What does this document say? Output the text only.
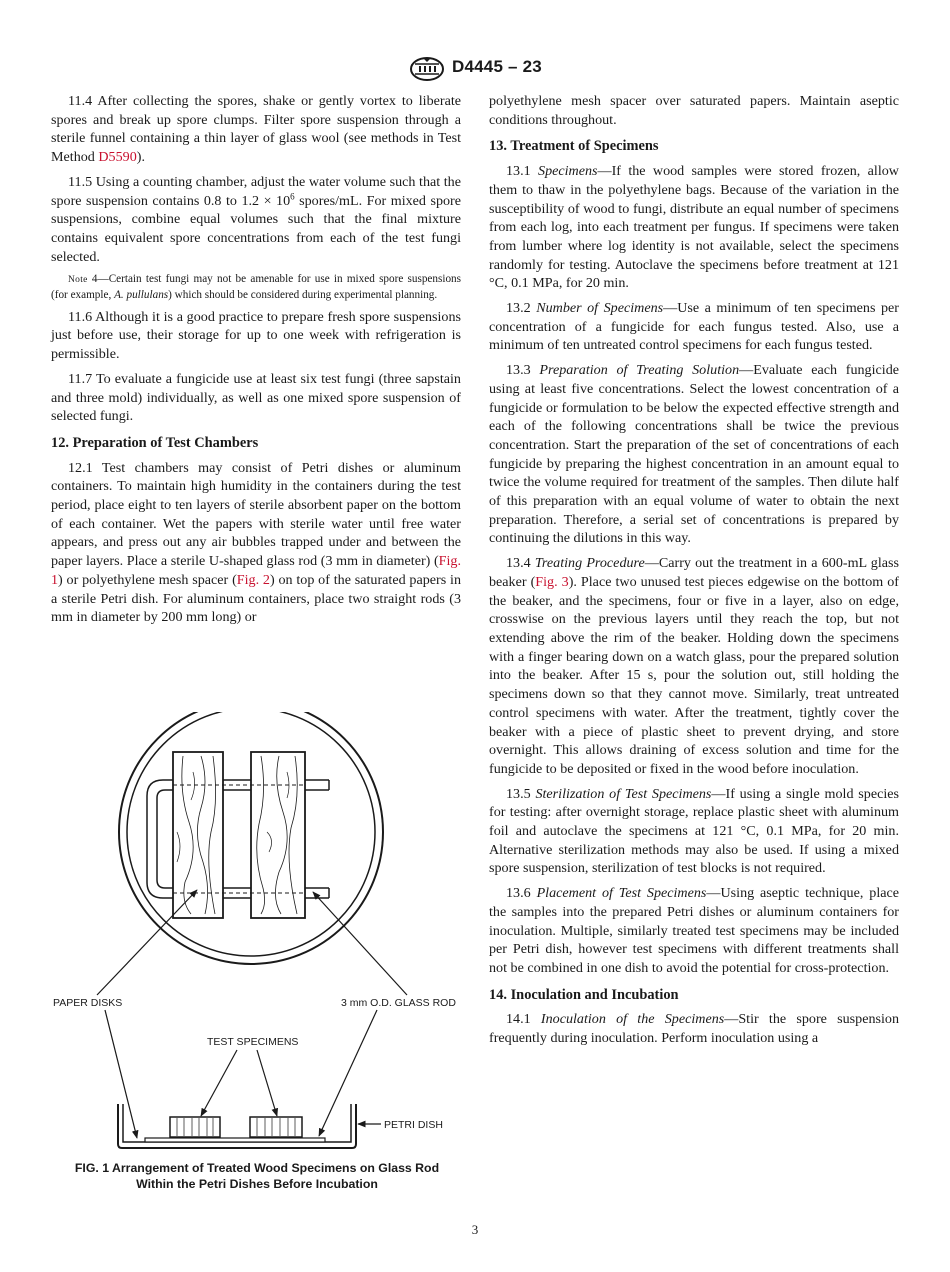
D4445 – 23

11.4 After collecting the spores, shake or gently vortex to liberate spores and break up spore clumps. Filter spore suspension through a sterile funnel containing a thin layer of glass wool (see methods in Test Method D5590).

11.5 Using a counting chamber, adjust the water volume such that the spore suspension contains 0.8 to $1.2 \times 10^6$ spores/mL. For mixed spore suspensions, combine equal volumes such that the final mixture contains equivalent spore concentrations from each of the test fungi selected.

Note 4—Certain test fungi may not be amenable for use in mixed spore suspensions (for example, A. pullulans) which should be considered during experimental planning.

11.6 Although it is a good practice to prepare fresh spore suspensions just before use, their storage for up to one week with refrigeration is permissible.

11.7 To evaluate a fungicide use at least six test fungi (three sapstain and three mold) individually, as well as one mixed spore suspension of selected fungi.

12. Preparation of Test Chambers

12.1 Test chambers may consist of Petri dishes or aluminum containers. To maintain high humidity in the containers during the test period, place eight to ten layers of sterile absorbent paper on the bottom of each container. Wet the papers with sterile water until free water appears, and press out any air bubbles trapped under and between the paper layers. Place a sterile U-shaped glass rod (3 mm in diameter) (Fig. 1) or polyethylene mesh spacer (Fig. 2) on top of the saturated papers in a sterile Petri dish. For aluminum containers, place two straight rods (3 mm in diameter by 200 mm long) or

PAPER DISKS	3 mm O.D. GLASS ROD
TEST SPECIMENS
PETRI DISH
FIG. 1 Arrangement of Treated Wood Specimens on Glass Rod
Within the Petri Dishes Before Incubation

polyethylene mesh spacer over saturated papers. Maintain aseptic conditions throughout.

13. Treatment of Specimens

13.1 Specimens—If the wood samples were stored frozen, allow them to thaw in the polyethylene bags. Because of the variation in the susceptibility of wood to fungi, distribute an equal number of specimens from each log, into each treatment per fungus. If specimens were taken from lumber where log identity is not available, select the specimens randomly for testing. Autoclave the specimens before treatment at 121 °C, 0.1 MPa, for 20 min.

13.2 Number of Specimens—Use a minimum of ten specimens per concentration of a fungicide for each fungus tested. Also, use a minimum of ten untreated control specimens for each fungus tested.

13.3 Preparation of Treating Solution—Evaluate each fungicide using at least five concentrations. Select the lowest concentration of a fungicide or formulation to be below the expected effective strength and each of the following concentrations shall be twice the previous concentration. Start the preparation of the set of concentrations of each fungicide by preparing the highest concentration in an amount equal to twice the volume required for treatment of the samples. Then dilute half of this preparation with an equal volume of water to obtain the next preparation. Therefore, a serial set of concentrations is prepared by continuing the dilutions in this way.

13.4 Treating Procedure—Carry out the treatment in a 600-mL glass beaker (Fig. 3). Place two unused test pieces edgewise on the bottom of the beaker, and the specimens, four or five in a layer, also on edge, crosswise on the previous layers until they reach the top, but not extending above the rim of the beaker. Holding down the specimens with a finger bearing down on a watch glass, pour the prepared solution into the beaker. After 15 s, pour the solution out, still holding the specimens down so that they cannot move. Similarly, treat untreated control specimens with water. After the treatment, tightly cover the beaker with a piece of plastic sheet to prevent drying, and store overnight. This allows draining of excess solution and time for the fungicide to be deposited or fixed in the wood before inoculation.

13.5 Sterilization of Test Specimens—If using a single mold species for testing: after overnight storage, replace plastic sheet with aluminum foil and autoclave the specimens at 121 °C, 0.1 MPa, for 20 min. Alternative sterilization methods may also be used. If using a mixed spore suspension, sterilization of test blocks is not required.

13.6 Placement of Test Specimens—Using aseptic technique, place the samples into the prepared Petri dishes or aluminum containers for inoculation. Multiple, similarly treated test specimens may be included per Petri dish, however test specimens with different treatments shall not be combined in one dish to avoid the potential for cross-protection.

14. Inoculation and Incubation

14.1 Inoculation of the Specimens—Stir the spore suspension frequently during inoculation. Perform inoculation using a

3
